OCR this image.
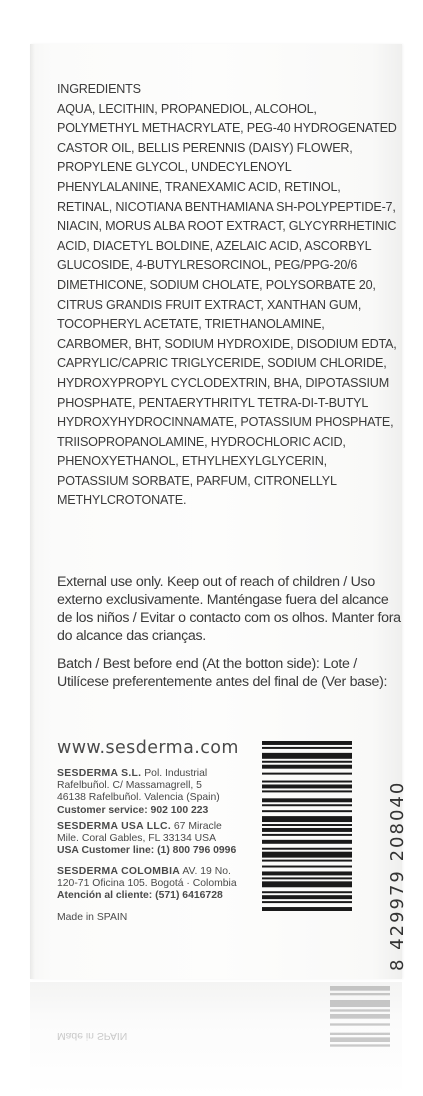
INGREDIENTS
AQUA, LECITHIN, PROPANEDIOL, ALCOHOL, POLYMETHYL METHACRYLATE, PEG-40 HYDROGENATED CASTOR OIL, BELLIS PERENNIS (DAISY) FLOWER, PROPYLENE GLYCOL, UNDECYLENOYL PHENYLALANINE, TRANEXAMIC ACID, RETINOL, RETINAL, NICOTIANA BENTHAMIANA SH-POLYPEPTIDE-7, NIACIN, MORUS ALBA ROOT EXTRACT, GLYCYRRHETINIC ACID, DIACETYL BOLDINE, AZELAIC ACID, ASCORBYL GLUCOSIDE, 4-BUTYLRESORCINOL, PEG/PPG-20/6 DIMETHICONE, SODIUM CHOLATE, POLYSORBATE 20, CITRUS GRANDIS FRUIT EXTRACT, XANTHAN GUM, TOCOPHERYL ACETATE, TRIETHANOLAMINE, CARBOMER, BHT, SODIUM HYDROXIDE, DISODIUM EDTA, CAPRYLIC/CAPRIC TRIGLYCERIDE, SODIUM CHLORIDE, HYDROXYPROPYL CYCLODEXTRIN, BHA, DIPOTASSIUM PHOSPHATE, PENTAERYTHRITYL TETRA-DI-T-BUTYL HYDROXYHYDROCINNAMATE, POTASSIUM PHOSPHATE, TRIISOPROPANOLAMINE, HYDROCHLORIC ACID, PHENOXYETHANOL, ETHYLHEXYLGLYCERIN, POTASSIUM SORBATE, PARFUM, CITRONELLYL METHYLCROTONATE.

External use only. Keep out of reach of children / Uso externo exclusivamente. Manténgase fuera del alcance de los niños / Evitar o contacto com os olhos. Manter fora do alcance das crianças.

Batch / Best before end (At the botton side): Lote / Utilícese preferentemente antes del final de (Ver base):

www.sesderma.com
SESDERMA S.L. Pol. Industrial
Rafelbuñol. C/ Massamagrell, 5
46138 Rafelbuñol. Valencia (Spain)
Customer service: 902 100 223
SESDERMA USA LLC. 67 Miracle
Mile. Coral Gables, FL 33134 USA
USA Customer line: (1) 800 796 0996
SESDERMA COLOMBIA AV. 19 No.
120-71 Oficina 105. Bogotá · Colombia
Atención al cliente: (571) 6416728
Made in SPAIN	8 429979 208040
Made in SPAIN
